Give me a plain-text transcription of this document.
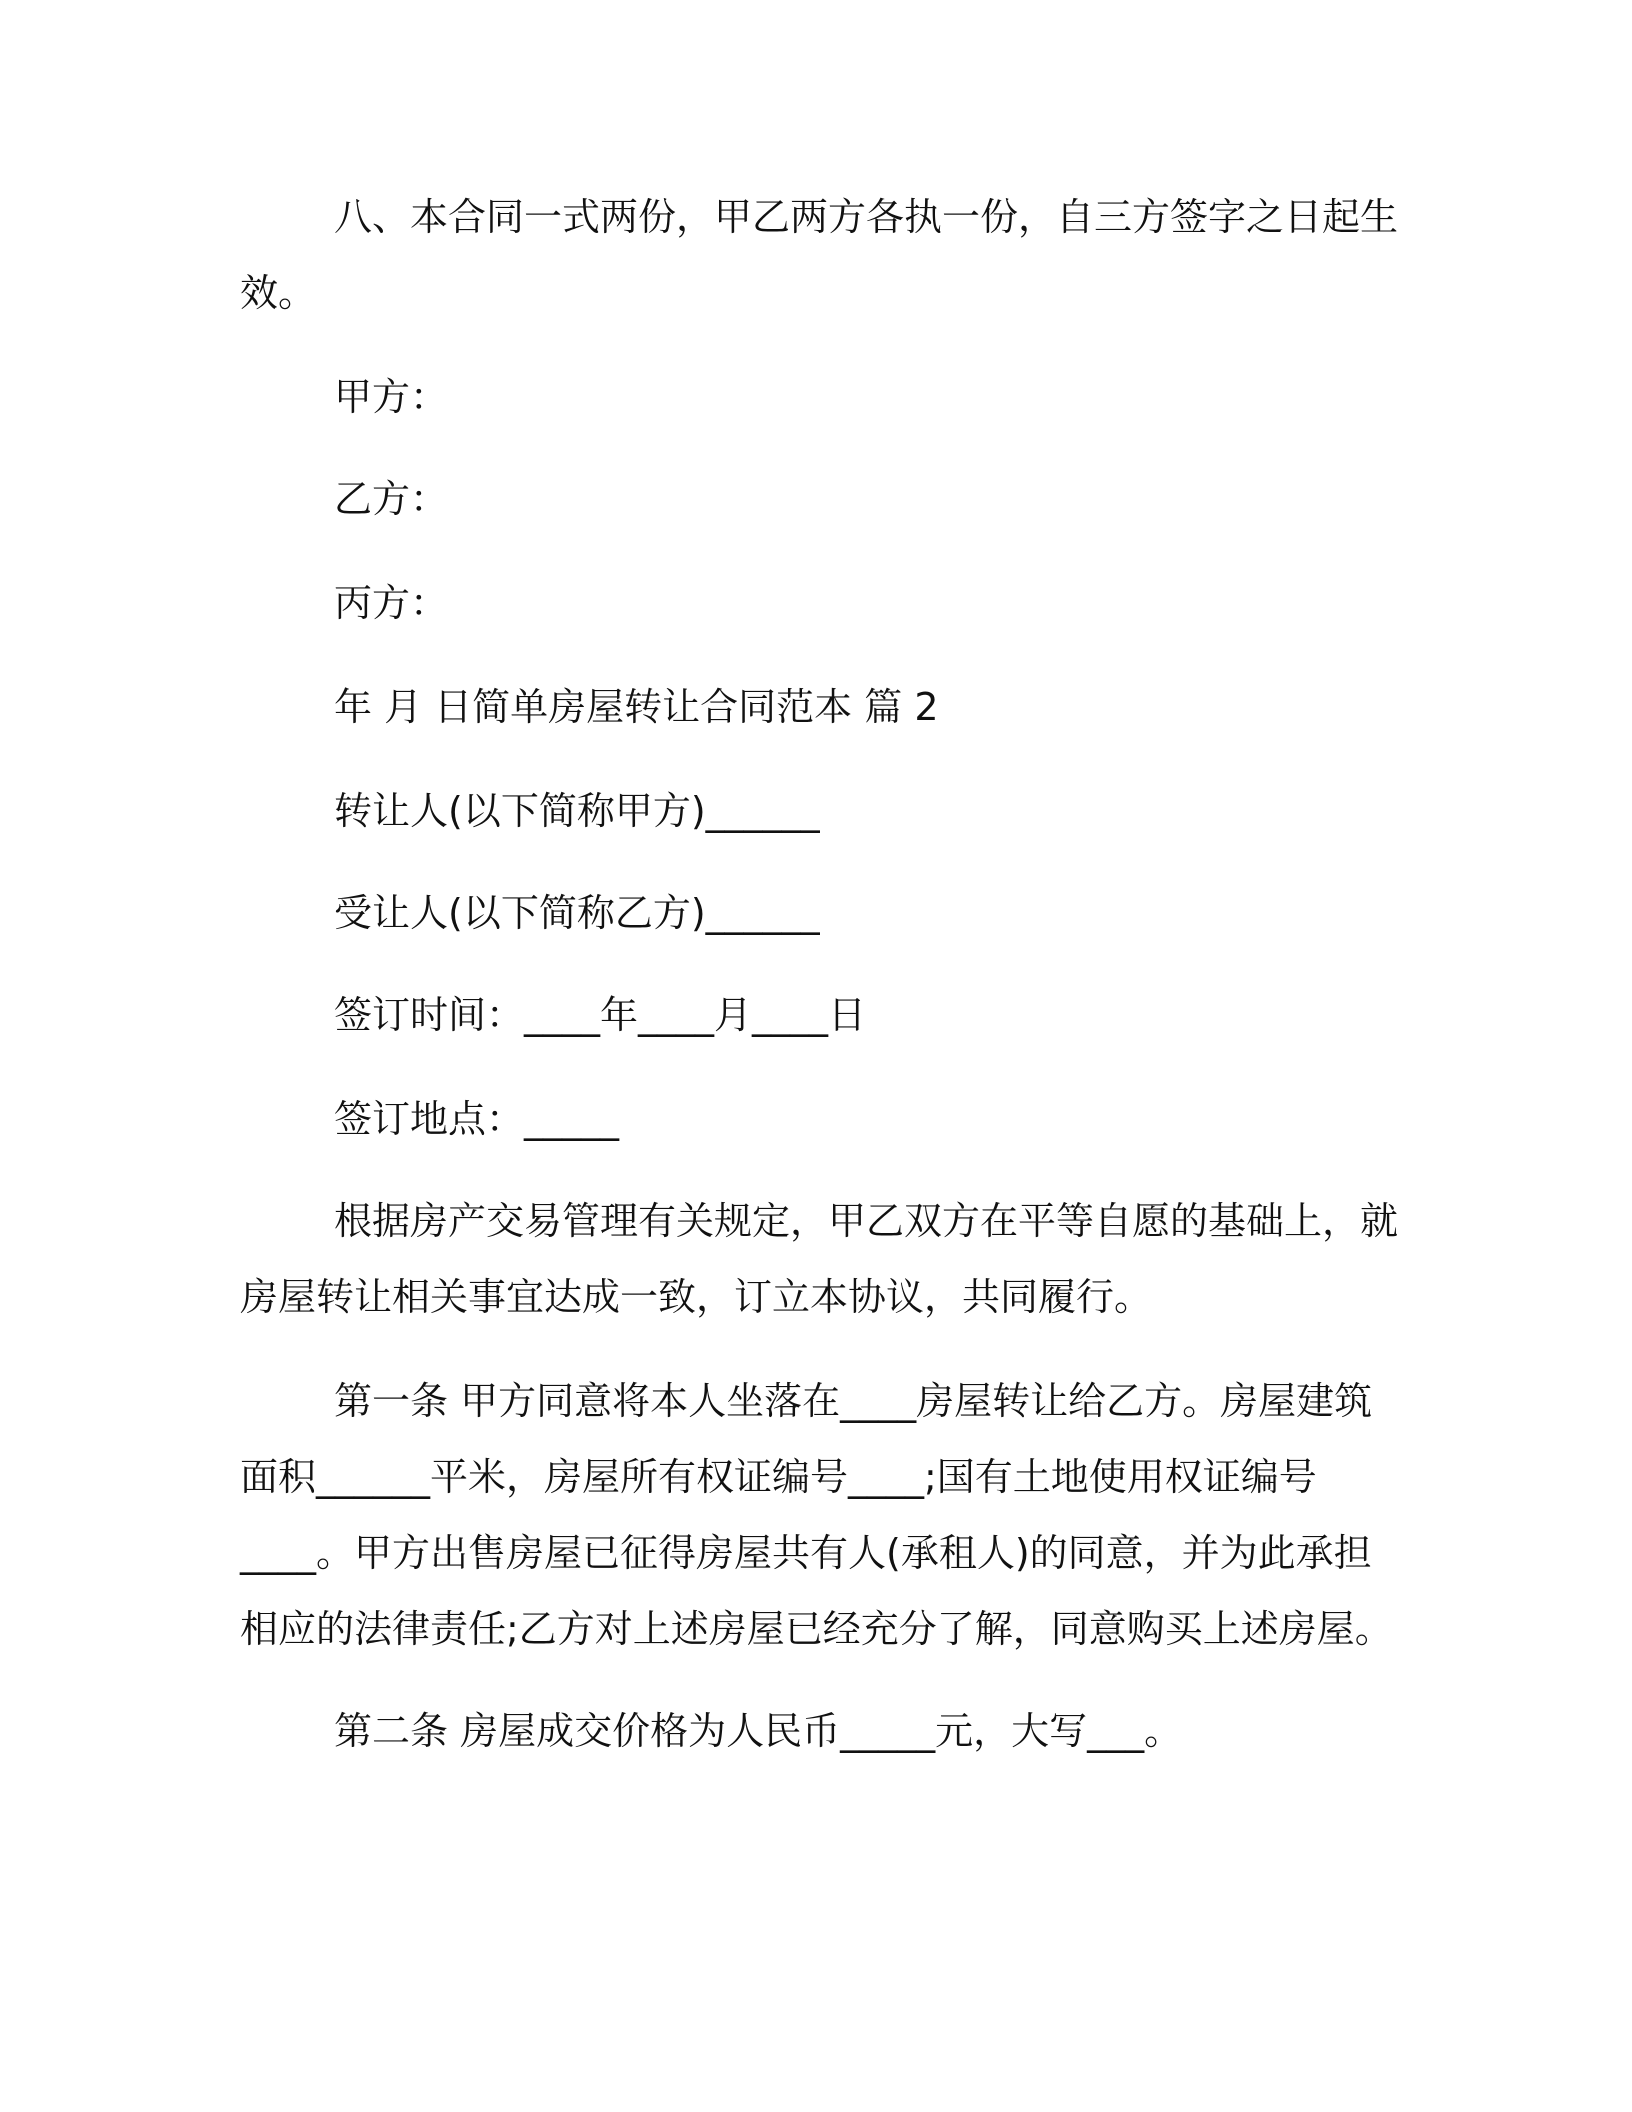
八、本合同一式两份，甲乙两方各执一份，自三方签字之日起生
效。
甲方：
乙方：
丙方：
年 月 日简单房屋转让合同范本 篇 2
转让人(以下简称甲方)______
受让人(以下简称乙方)______
签订时间：____年____月____日
签订地点：_____
根据房产交易管理有关规定，甲乙双方在平等自愿的基础上，就
房屋转让相关事宜达成一致，订立本协议，共同履行。
第一条 甲方同意将本人坐落在____房屋转让给乙方。房屋建筑
面积______平米，房屋所有权证编号____;国有土地使用权证编号
____。甲方出售房屋已征得房屋共有人(承租人)的同意，并为此承担
相应的法律责任;乙方对上述房屋已经充分了解，同意购买上述房屋。
第二条 房屋成交价格为人民币_____元，大写___。
